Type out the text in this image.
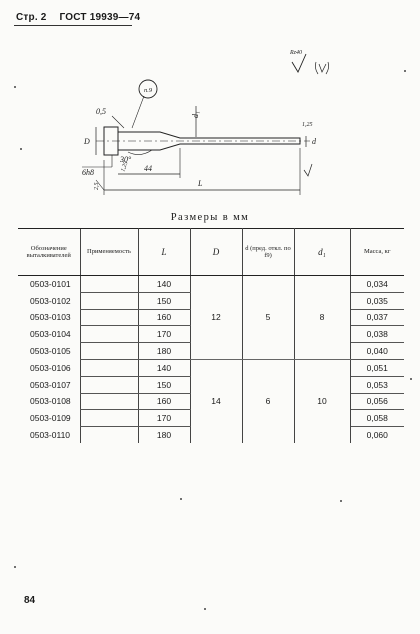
Стр. 2 ГОСТ 19939—74
n.9
0,5
D
d₁
d
30°
L
44
6h8
1,25
1,25
2,5
Rz40
Размеры в мм
Обозначение выталкивателей	Применяемость	L	D	d (пред. откл. по f9)	d₁	Масса, кг
0503-0101		140	12	5	8	0,034
0503-0102		150				0,035
0503-0103		160				0,037
0503-0104		170				0,038
0503-0105		180				0,040
0503-0106		140	14	6	10	0,051
0503-0107		150				0,053
0503-0108		160				0,056
0503-0109		170				0,058
0503-0110		180				0,060
84
